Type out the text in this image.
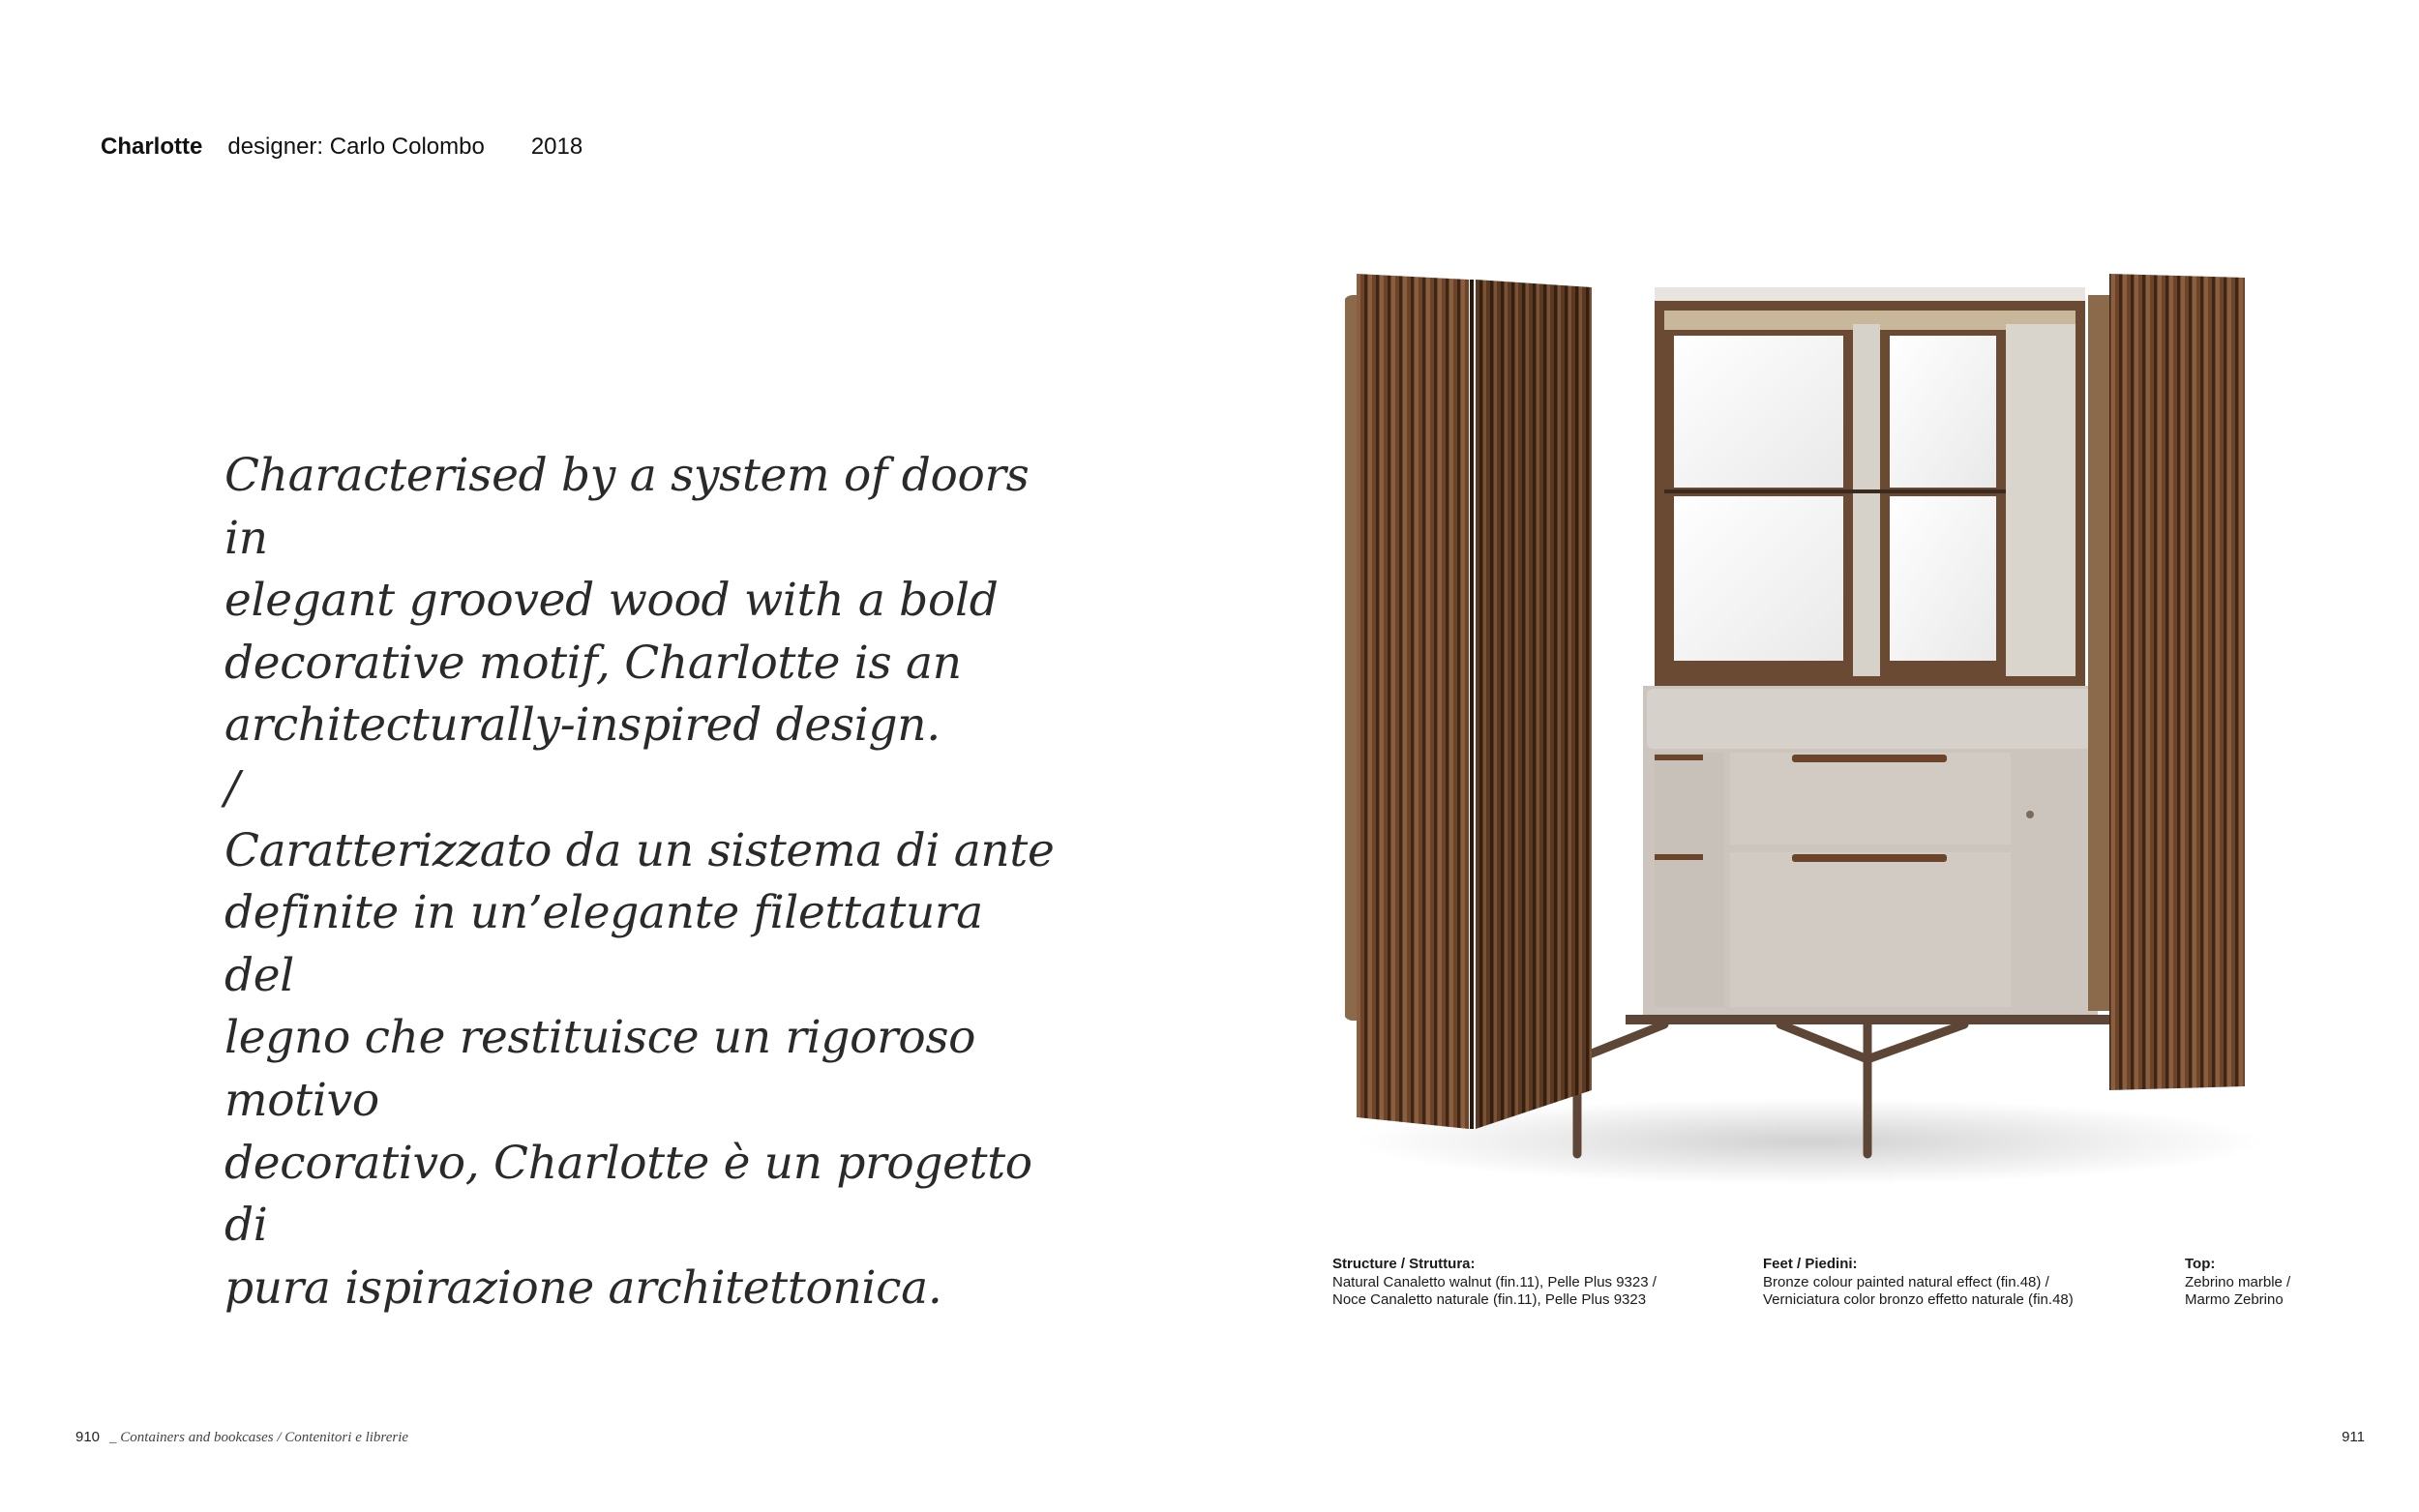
Charlotte designer: Carlo Colombo 2018

Characterised by a system of doors in

elegant grooved wood with a bold

decorative motif, Charlotte is an

architecturally-inspired design.

/

Caratterizzato da un sistema di ante

definite in un’elegante filettatura del

legno che restituisce un rigoroso motivo

decorativo, Charlotte è un progetto di

pura ispirazione architettonica.	Structure / Struttura:
Natural Canaletto walnut (fin.11), Pelle Plus 9323 /
Noce Canaletto naturale (fin.11), Pelle Plus 9323
Feet / Piedini:
Bronze colour painted natural effect (fin.48) /
Verniciatura color bronzo effetto naturale (fin.48)
Top:
Zebrino marble /
Marmo Zebrino
910 _ Containers and bookcases / Contenitori e librerie	911
